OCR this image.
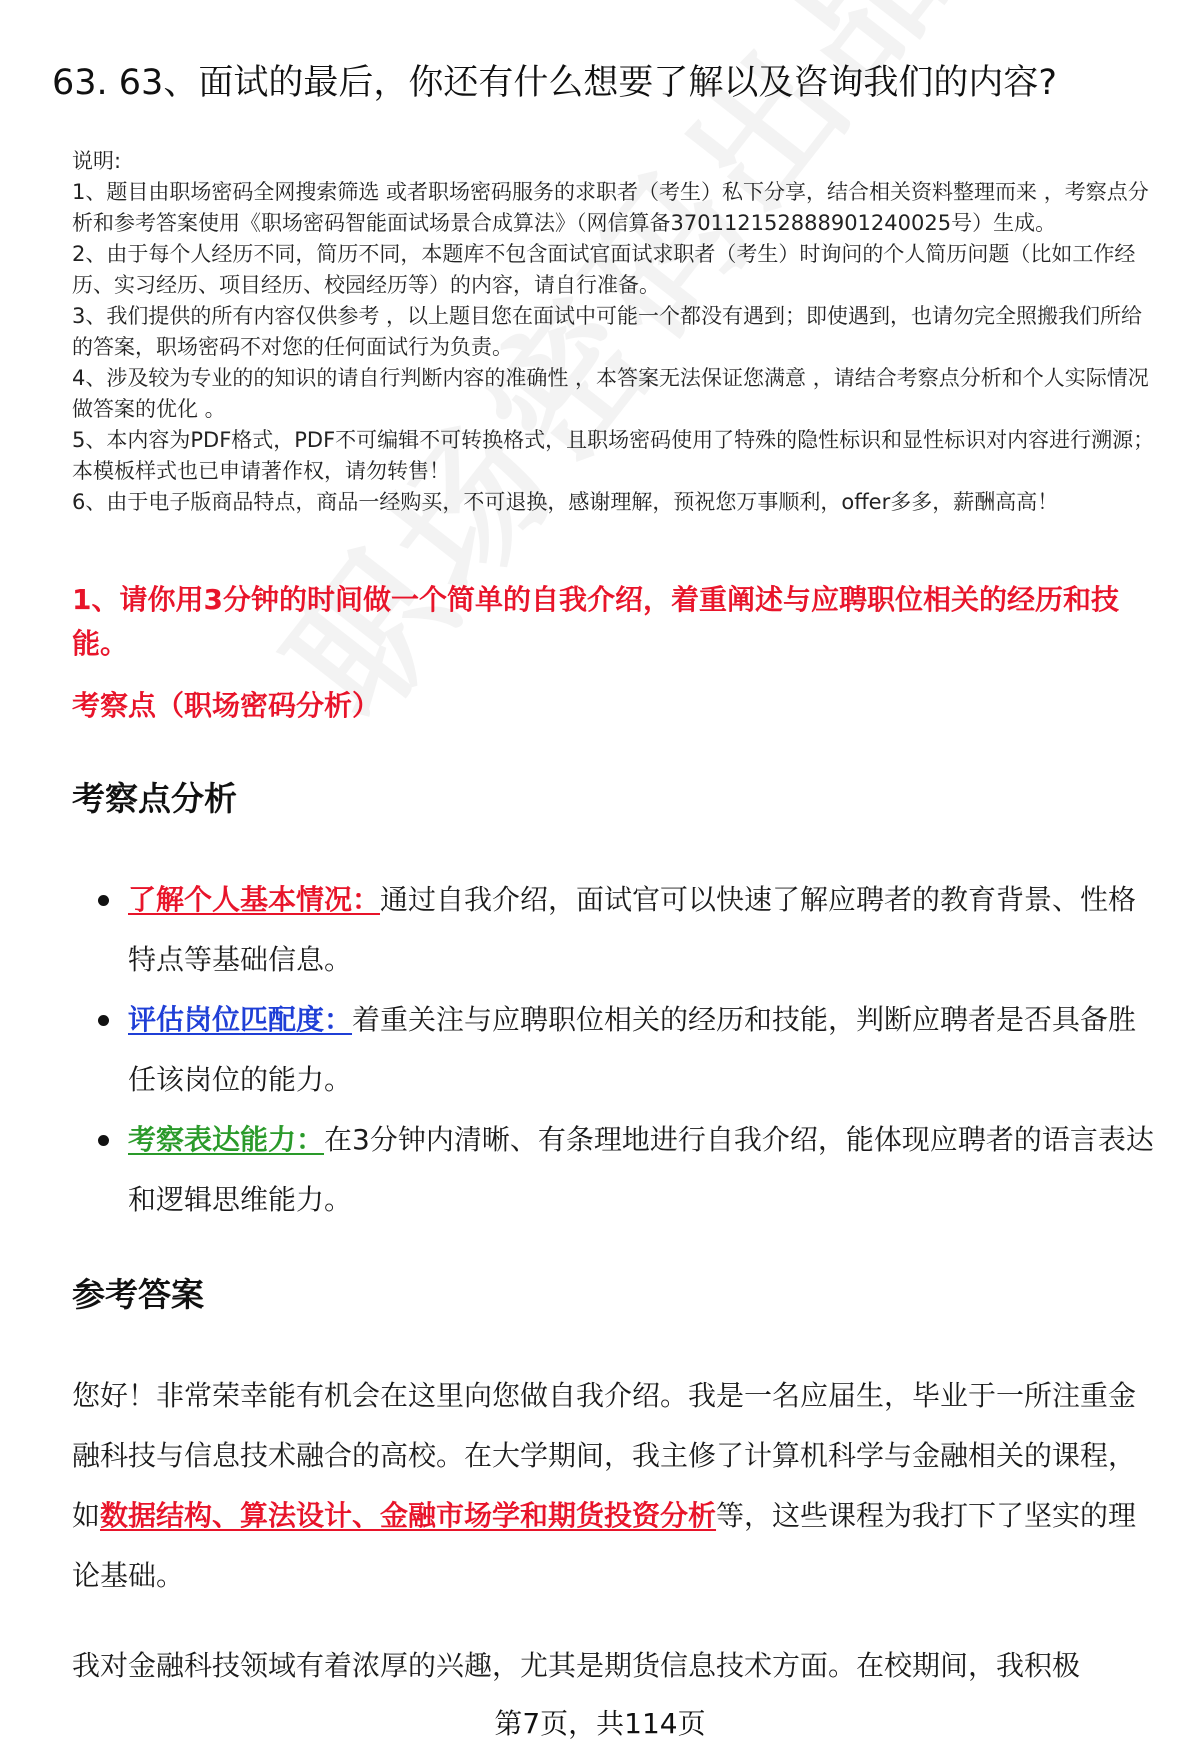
63. 63、面试的最后，你还有什么想要了解以及咨询我们的内容?

说明:

1、题目由职场密码全网搜索筛选 或者职场密码服务的求职者（考生）私下分享，结合相关资料整理而来 ，考察点分析和参考答案使用《职场密码智能面试场景合成算法》（网信算备370112152888901240025号）生成。

2、由于每个人经历不同，简历不同，本题库不包含面试官面试求职者（考生）时询问的个人简历问题（比如工作经历、实习经历、项目经历、校园经历等）的内容，请自行准备。

3、我们提供的所有内容仅供参考 ，以上题目您在面试中可能一个都没有遇到；即使遇到，也请勿完全照搬我们所给的答案，职场密码不对您的任何面试行为负责。

4、涉及较为专业的的知识的请自行判断内容的准确性 ，本答案无法保证您满意 ，请结合考察点分析和个人实际情况做答案的优化 。

5、本内容为PDF格式，PDF不可编辑不可转换格式，且职场密码使用了特殊的隐性标识和显性标识对内容进行溯源；本模板样式也已申请著作权，请勿转售！

6、由于电子版商品特点，商品一经购买，不可退换，感谢理解，预祝您万事顺利，offer多多，薪酬高高！

1、请你用3分钟的时间做一个简单的自我介绍，着重阐述与应聘职位相关的经历和技能。

考察点（职场密码分析）
考察点分析
了解个人基本情况：通过自我介绍，面试官可以快速了解应聘者的教育背景、性格特点等基础信息。
评估岗位匹配度：着重关注与应聘职位相关的经历和技能，判断应聘者是否具备胜任该岗位的能力。
考察表达能力：在3分钟内清晰、有条理地进行自我介绍，能体现应聘者的语言表达和逻辑思维能力。
参考答案

您好！非常荣幸能有机会在这里向您做自我介绍。我是一名应届生，毕业于一所注重金融科技与信息技术融合的高校。在大学期间，我主修了计算机科学与金融相关的课程，如数据结构、算法设计、金融市场学和期货投资分析等，这些课程为我打下了坚实的理论基础。

我对金融科技领域有着浓厚的兴趣，尤其是期货信息技术方面。在校期间，我积极

第7页，共114页
